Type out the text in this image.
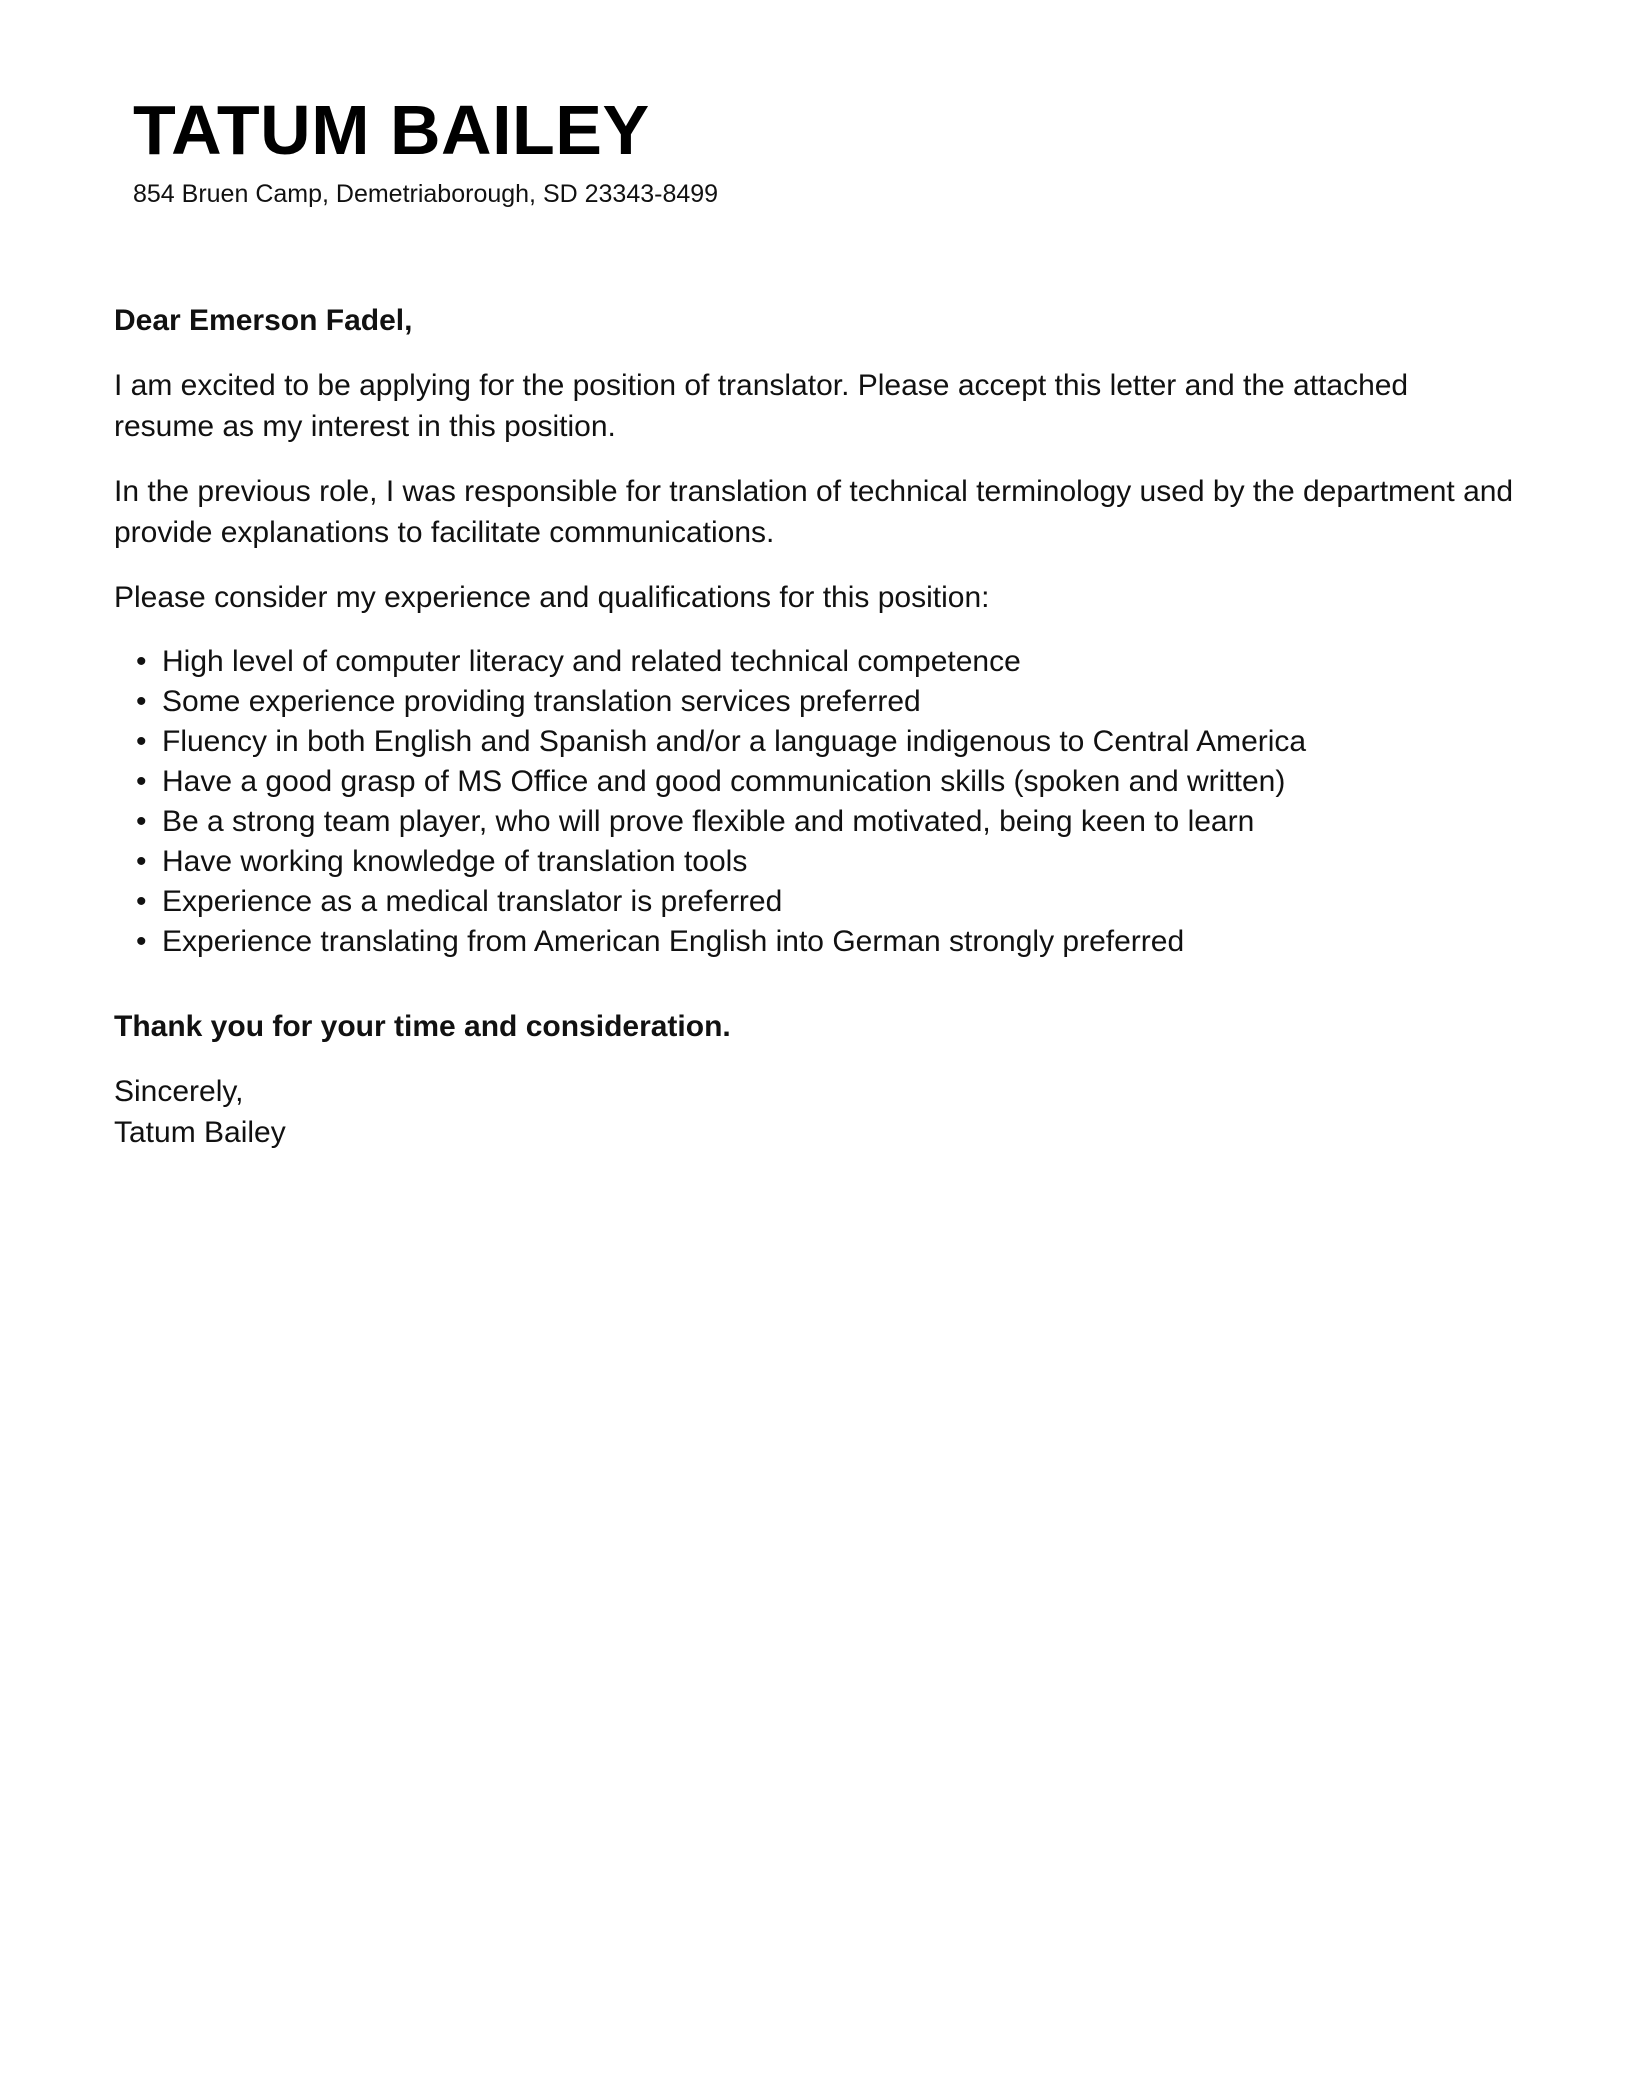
TATUM BAILEY
854 Bruen Camp, Demetriaborough, SD 23343-8499

Dear Emerson Fadel,

I am excited to be applying for the position of translator. Please accept this letter and the attached resume as my interest in this position.

In the previous role, I was responsible for translation of technical terminology used by the department and provide explanations to facilitate communications.

Please consider my experience and qualifications for this position:

• High level of computer literacy and related technical competence
• Some experience providing translation services preferred
• Fluency in both English and Spanish and/or a language indigenous to Central America
• Have a good grasp of MS Office and good communication skills (spoken and written)
• Be a strong team player, who will prove flexible and motivated, being keen to learn
• Have working knowledge of translation tools
• Experience as a medical translator is preferred
• Experience translating from American English into German strongly preferred

Thank you for your time and consideration.

Sincerely,
Tatum Bailey
